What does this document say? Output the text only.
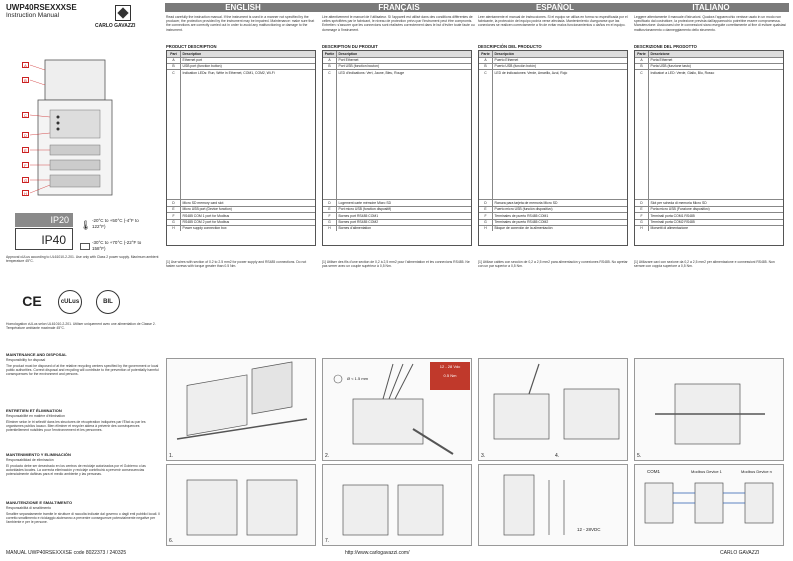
UWP40RSEXXXSE
Instruction Manual
CARLO GAVAZZI
ENGLISH	FRANÇAIS	ESPAÑOL	ITALIANO
Read carefully the instruction manual. If the instrument is used in a manner not specified by the producer, the protection provided by the instrument may be impaired. Maintenance: make sure that the connections are correctly carried out in order to avoid any malfunctioning or damage to the instrument.
Lire attentivement le manuel de l'utilisateur. Si l'appareil est utilisé dans des conditions différentes de celles spécifiées par le fabricant, le niveau de protection prévu par l'instrument peut être compromis. Entretien: s'assurer que les connexions sont réalisées correctement dans le but d'éviter toute faute ou dommage à l'instrument.
Leer atentamente el manual de instrucciones. Si el equipo se utiliza en forma no especificada por el fabricante, la protección del equipo podría verse afectada. Mantenimiento: Asegurarse que las conexiones se realicen correctamente a fin de evitar malos funcionamientos o daños en el equipo.
Leggere attentamente il manuale d'istruzioni. Qualora l'apparecchio venisse usato in un modo non specificato dal costruttore, la protezione prevista dall'apparecchio potrebbe essere compromessa. Manutenzione: Assicurarsi che le connessioni siano eseguite correttamente al fine di evitare qualsiasi malfunzionamento o danneggiamento dello strumento.
PRODUCT DESCRIPTION	DESCRIPTION DU PRODUIT	DESCRIPCIÓN DEL PRODUCTO	DESCRIZIONE DEL PRODOTTO
Part	Description
A	Ethernet port
B	USB port (function button)
C	Indication LEDs: Run, Write in Ethernet, COM1, COM2, Wi-Fi
D	Micro SD memory card slot
E	Micro USB port (Device function)
F	RS485 COM 1 port for Modbus
G	RS485 COM 2 port for Modbus
H	Power supply connection box
Partie	Description
A	Port Ethernet
B	Port USB (fonction bouton)
C	LED d'indications: Vert, Jaune, Bleu, Rouge
D	Logement carte mémoire Micro SD
E	Port micro USB (fonction dispositif)
F	Bornes port RS485 COM1
G	Bornes port RS485 COM2
H	Bornes d'alimentation
Parte	Descripción
A	Puerto Ethernet
B	Puerto USB (función botón)
C	LED de indicaciones: Verde, Amarillo, Azul, Rojo
D	Ranura para tarjeta de memoria Micro SD
E	Puerto micro USB (función dispositivo)
F	Terminales de puerto RS485 COM1
G	Terminales de puerto RS485 COM2
H	Bloque de conexión de la alimentación
Parte	Descrizione
A	Porta Ethernet
B	Porta USB (funzione tasto)
C	Indicatori a LED: Verde, Giallo, Blu, Rosso
D	Slot per scheda di memoria Micro SD
E	Porta micro USB (Funzione dispositivo)
F	Terminali porta COM1 RS485
G	Terminali porta COM2 RS485
H	Morsetti di alimentazione
A
B
C
D
E
F
G
H
IP20
IP40
🌡 -20°C to +50°C (-4°F to 122°F)
-30°C to +70°C (-22°F to 158°F)
CE	cULus	BIL
Approval cULus according to UL61010-2-201. Use only with Class 2 power supply. Maximum ambient temperature 45°C.
Homologation cULus selon UL61010-2-201. Utiliser uniquement avec une alimentation de Classe 2. Température ambiante maximale 45°C.
MAINTENANCE AND DISPOSAL
Responsibility for disposal
The product must be disposed of at the relative recycling centers specified by the government or local public authorities. Correct disposal and recycling will contribute to the prevention of potentially harmful consequences for the environment and persons.
ENTRETIEN ET ÉLIMINATION
Responsabilité en matière d'élimination
Éliminer selon le tri sélectif dans les structures de récupération indiquées par l'État ou par les organismes publics locaux. Bien éliminer et recycler aidera à prévenir des conséquences potentiellement nuisibles pour l'environnement et les personnes.
MANTENIMIENTO Y ELIMINACIÓN
Responsabilidad de eliminación
El producto debe ser desechado en los centros de reciclaje autorizados por el Gobierno o las autoridades locales. La correcta eliminación y reciclaje contribuirá a prevenir consecuencias potencialmente dañinas para el medio ambiente y las personas.
MANUTENZIONE E SMALTIMENTO
Responsabilità di smaltimento
Smaltire separatamente tramite le strutture di raccolta indicate dal governo o dagli enti pubblici locali. Il corretto smaltimento e riciclaggio aiuteranno a prevenire conseguenze potenzialmente negative per l'ambiente e per le persone.
[1] Use wires with section of 0.2 to 2.5 mm2 for power supply and RS485 connections. Do not fasten screws with torque greater than 0.5 Nm.
[1] Utiliser des fils d'une section de 0,2 à 2,5 mm2 pour l'alimentation et les connexions RS485. Ne pas serrer avec un couple supérieur à 0,5 Nm.
[1] Utilizar cables con sección de 0,2 a 2,5 mm2 para alimentación y conexiones RS485. No apretar con un par superior a 0,5 Nm.
[1] Utilizzare cavi con sezione da 0,2 a 2,5 mm2 per alimentazione e connessioni RS485. Non serrare con coppia superiore a 0,5 Nm.
1.
Ø < 1.5 mm
12 - 28 Vdc
0.5 Nm
2.	3.	4.	5.
6.	7.
12 - 28VDC
COM1	Modbus Device 1	Modbus Device n
MANUAL UWP40RSEXXXSE code 8022373 / 240325	http://www.carlogavazzi.com/	CARLO GAVAZZI
